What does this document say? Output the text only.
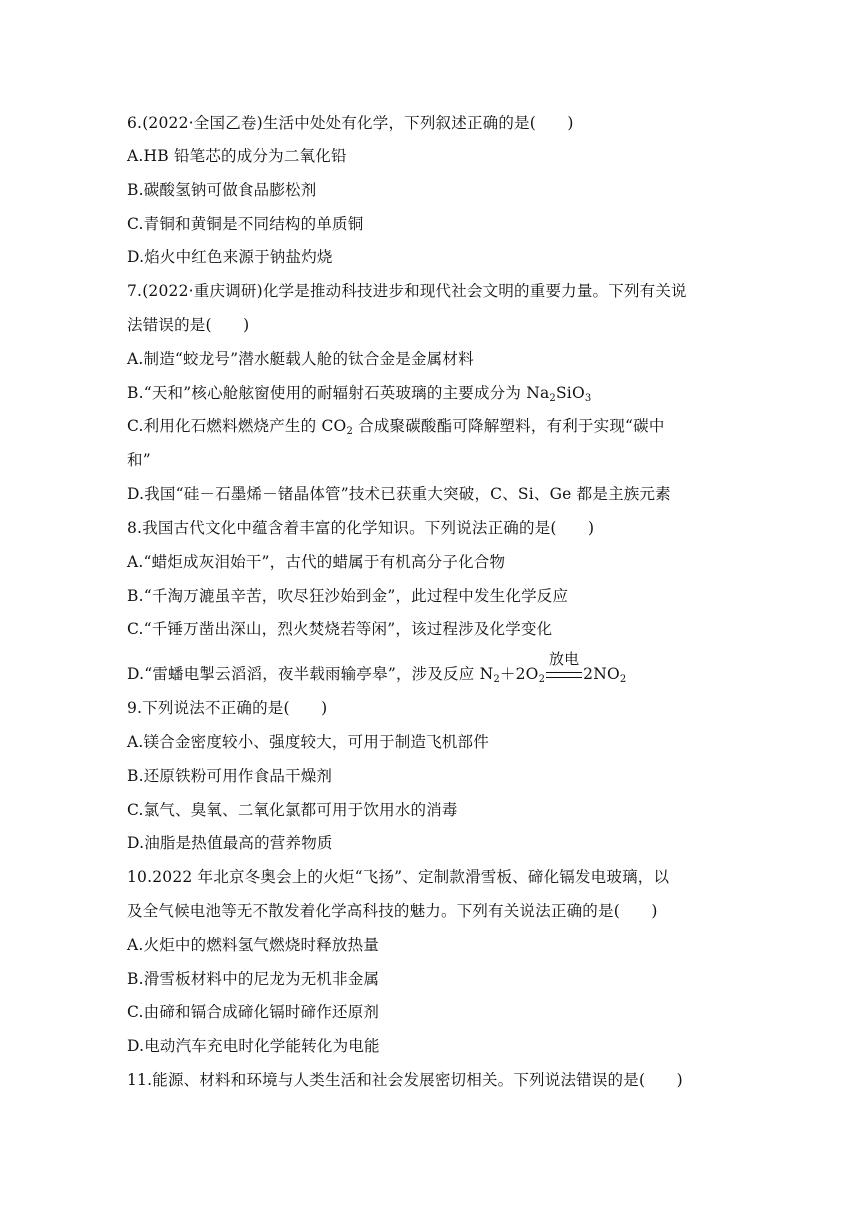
6.(2022·全国乙卷)生活中处处有化学，下列叙述正确的是(　　)
A.HB 铅笔芯的成分为二氧化铅
B.碳酸氢钠可做食品膨松剂
C.青铜和黄铜是不同结构的单质铜
D.焰火中红色来源于钠盐灼烧
7.(2022·重庆调研)化学是推动科技进步和现代社会文明的重要力量。下列有关说
法错误的是(　　)
A.制造“蛟龙号”潜水艇载人舱的钛合金是金属材料
B.“天和”核心舱舷窗使用的耐辐射石英玻璃的主要成分为 $Na_2SiO_3$
C.利用化石燃料燃烧产生的 $CO_2$ 合成聚碳酸酯可降解塑料，有利于实现“碳中
和”
D.我国“硅－石墨烯－锗晶体管”技术已获重大突破，C、Si、Ge 都是主族元素
8.我国古代文化中蕴含着丰富的化学知识。下列说法正确的是(　　)
A.“蜡炬成灰泪始干”，古代的蜡属于有机高分子化合物
B.“千淘万漉虽辛苦，吹尽狂沙始到金”，此过程中发生化学反应
C.“千锤万凿出深山，烈火焚烧若等闲”，该过程涉及化学变化
D.“雷蟠电掣云滔滔，夜半载雨输亭皋”，涉及反应 $N_2+2O_2$
放电
$2NO_2$
9.下列说法不正确的是(　　)
A.镁合金密度较小、强度较大，可用于制造飞机部件
B.还原铁粉可用作食品干燥剂
C.氯气、臭氧、二氧化氯都可用于饮用水的消毒
D.油脂是热值最高的营养物质
10.2022 年北京冬奥会上的火炬“飞扬”、定制款滑雪板、碲化镉发电玻璃，以
及全气候电池等无不散发着化学高科技的魅力。下列有关说法正确的是(　　)
A.火炬中的燃料氢气燃烧时释放热量
B.滑雪板材料中的尼龙为无机非金属
C.由碲和镉合成碲化镉时碲作还原剂
D.电动汽车充电时化学能转化为电能
11.能源、材料和环境与人类生活和社会发展密切相关。下列说法错误的是(　　)
